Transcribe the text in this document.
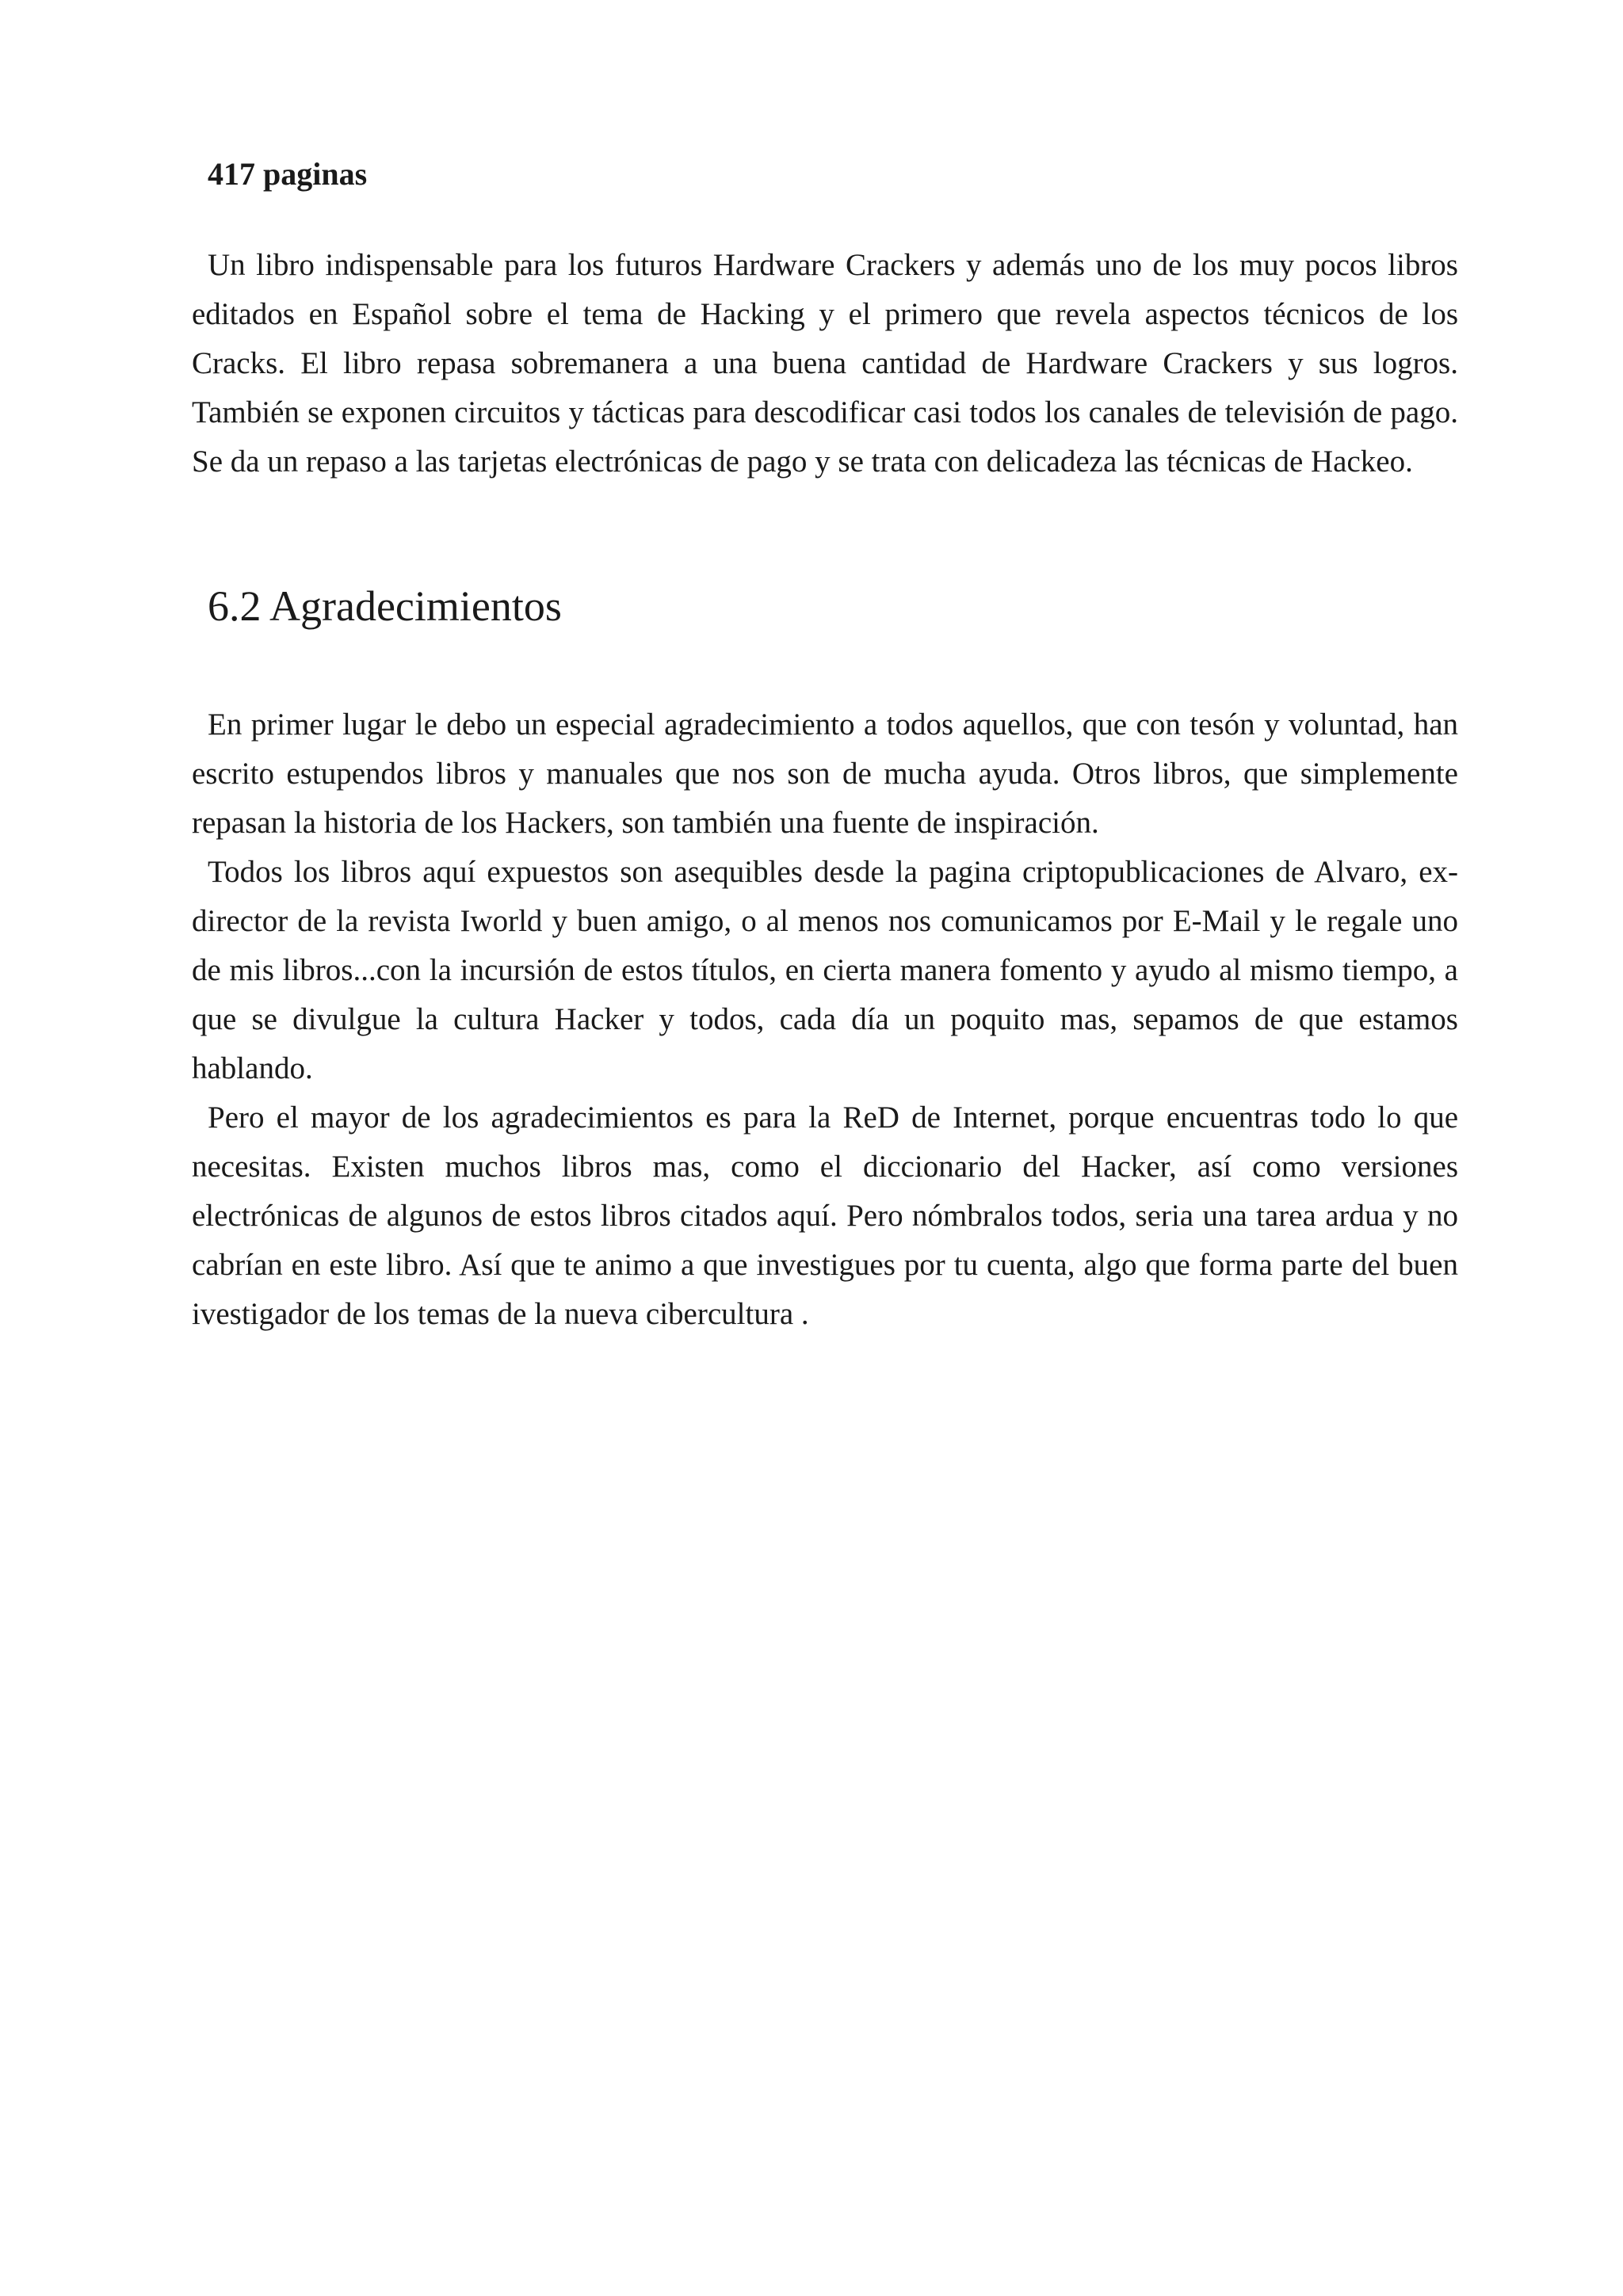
417 paginas

Un libro indispensable para los futuros Hardware Crackers y además uno de los muy pocos libros editados en Español sobre el tema de Hacking y el primero que revela aspectos técnicos de los Cracks. El libro repasa sobremanera a una buena cantidad de Hardware Crackers y sus logros. También se exponen circuitos y tácticas para descodificar casi todos los canales de televisión de pago. Se da un repaso a las tarjetas electrónicas de pago y se trata con delicadeza las técnicas de Hackeo.

6.2 Agradecimientos

En primer lugar le debo un especial agradecimiento a todos aquellos, que con tesón y voluntad, han escrito estupendos libros y manuales que nos son de mucha ayuda. Otros libros, que simplemente repasan la historia de los Hackers, son también una fuente de inspiración.

Todos los libros aquí expuestos son asequibles desde la pagina criptopublicaciones de Alvaro, ex-director de la revista Iworld y buen amigo, o al menos nos comunicamos por E-Mail y le regale uno de mis libros...con la incursión de estos títulos, en cierta manera fomento y ayudo al mismo tiempo, a que se divulgue la cultura Hacker y todos, cada día un poquito mas, sepamos de que estamos hablando.

Pero el mayor de los agradecimientos es para la ReD de Internet, porque encuentras todo lo que necesitas. Existen muchos libros mas, como el diccionario del Hacker, así como versiones electrónicas de algunos de estos libros citados aquí. Pero nómbralos todos, seria una tarea ardua y no cabrían en este libro. Así que te animo a que investigues por tu cuenta, algo que forma parte del buen ivestigador de los temas de la nueva cibercultura .
